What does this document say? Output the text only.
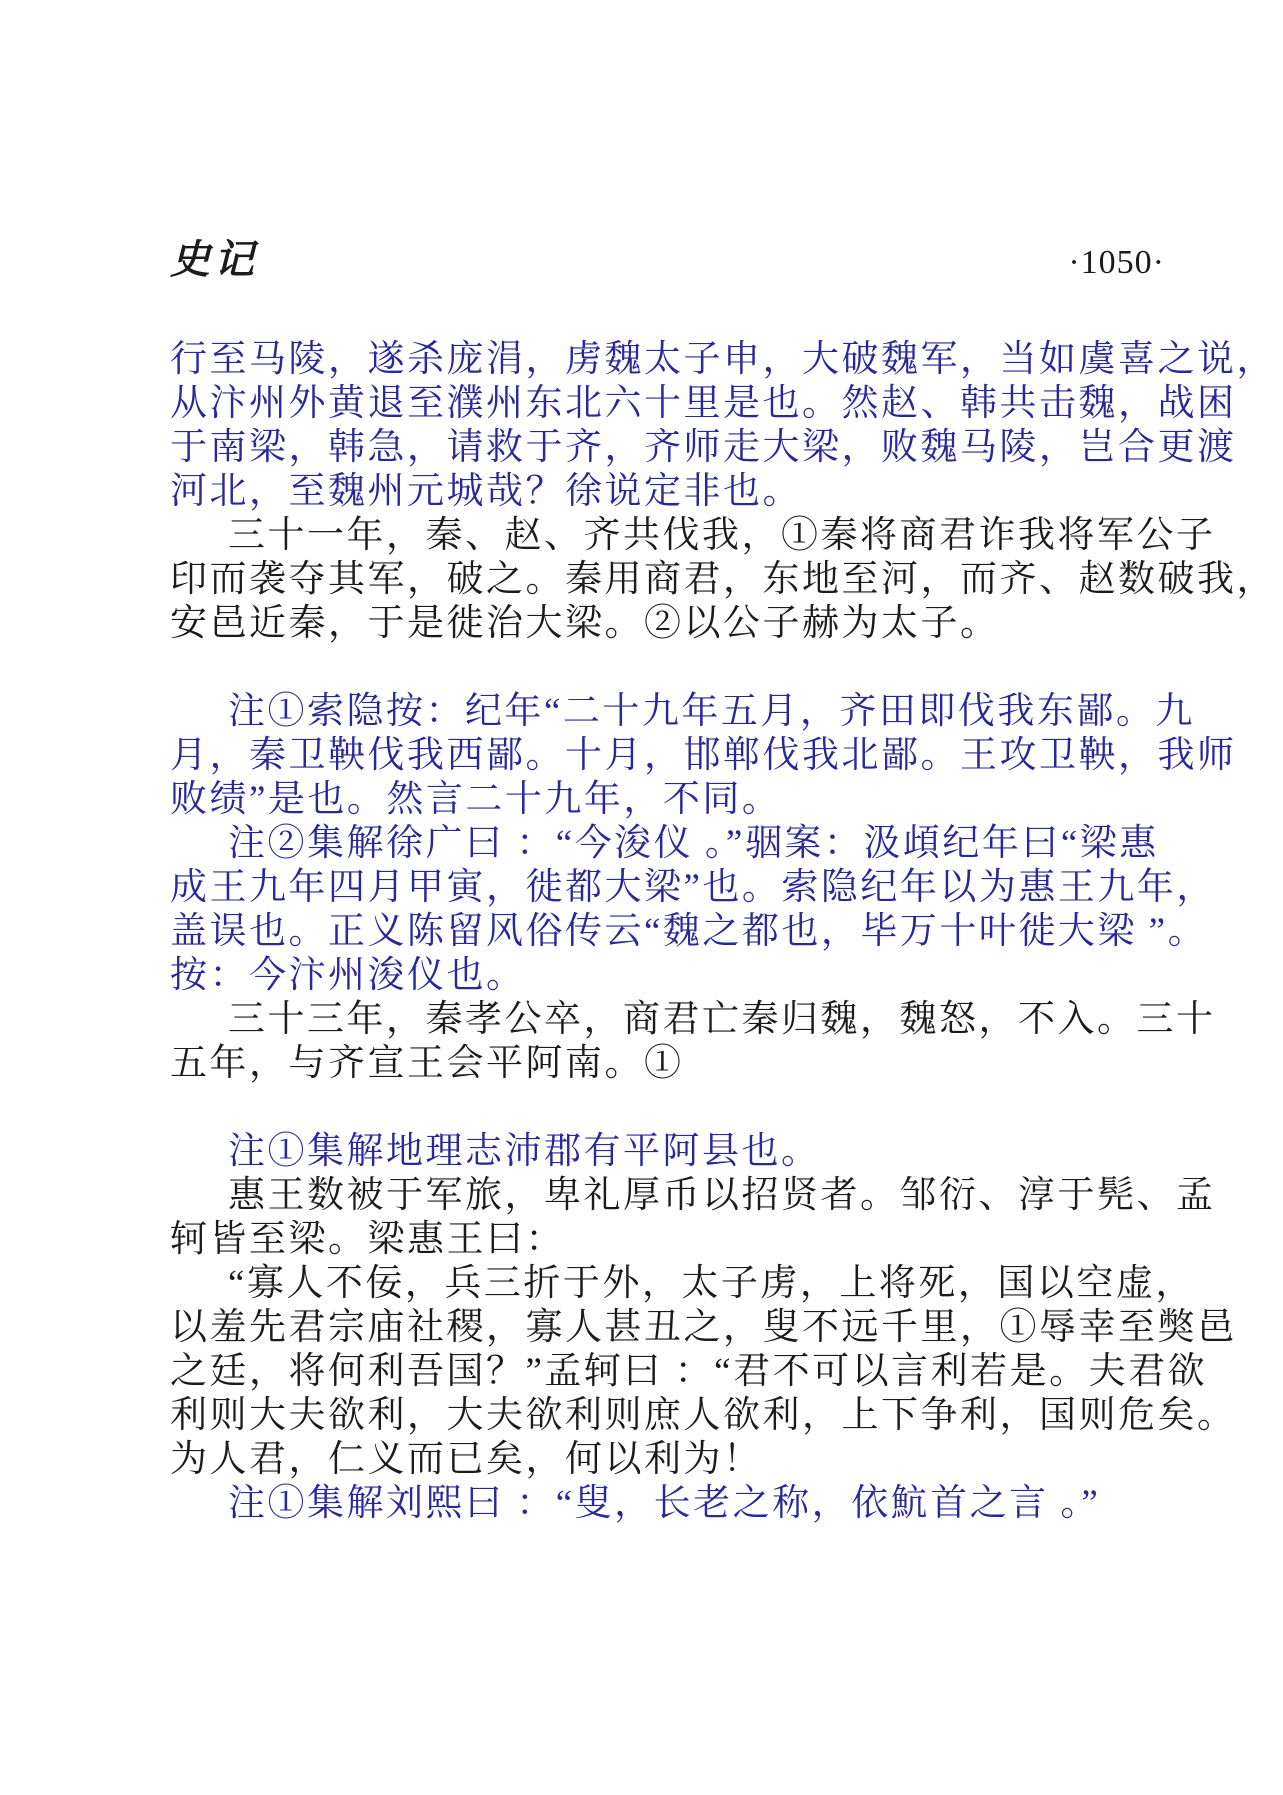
史记	·1050·
行至马陵，遂杀庞涓，虏魏太子申，大破魏军，当如虞喜之说，
从汴州外黄退至濮州东北六十里是也。然赵、韩共击魏，战困
于南梁，韩急，请救于齐，齐师走大梁，败魏马陵，岂合更渡
河北，至魏州元城哉？徐说定非也。
三十一年，秦、赵、齐共伐我，①秦将商君诈我将军公子
印而袭夺其军，破之。秦用商君，东地至河，而齐、赵数破我，
安邑近秦，于是徙治大梁。②以公子赫为太子。
注①索隐按：纪年“二十九年五月，齐田即伐我东鄙。九
月，秦卫鞅伐我西鄙。十月，邯郸伐我北鄙。王攻卫鞅，我师
败绩”是也。然言二十九年，不同。
注②集解徐广曰 ：“今浚仪 。”骃案：汲頉纪年曰“梁惠
成王九年四月甲寅，徙都大梁”也。索隐纪年以为惠王九年，
盖误也。正义陈留风俗传云“魏之都也，毕万十叶徙大梁 ”。
按：今汴州浚仪也。
三十三年，秦孝公卒，商君亡秦归魏，魏怒，不入。三十
五年，与齐宣王会平阿南。①
注①集解地理志沛郡有平阿县也。
惠王数被于军旅，卑礼厚币以招贤者。邹衍、淳于髡、孟
轲皆至梁。梁惠王曰：
“寡人不佞，兵三折于外，太子虏，上将死，国以空虚，
以羞先君宗庙社稷，寡人甚丑之，叟不远千里，①辱幸至獘邑
之廷，将何利吾国？”孟轲曰 ：“君不可以言利若是。夫君欲
利则大夫欲利，大夫欲利则庶人欲利，上下争利，国则危矣。
为人君，仁义而已矣，何以利为！
注①集解刘熙曰 ：“叟，长老之称，依魧首之言 。”
